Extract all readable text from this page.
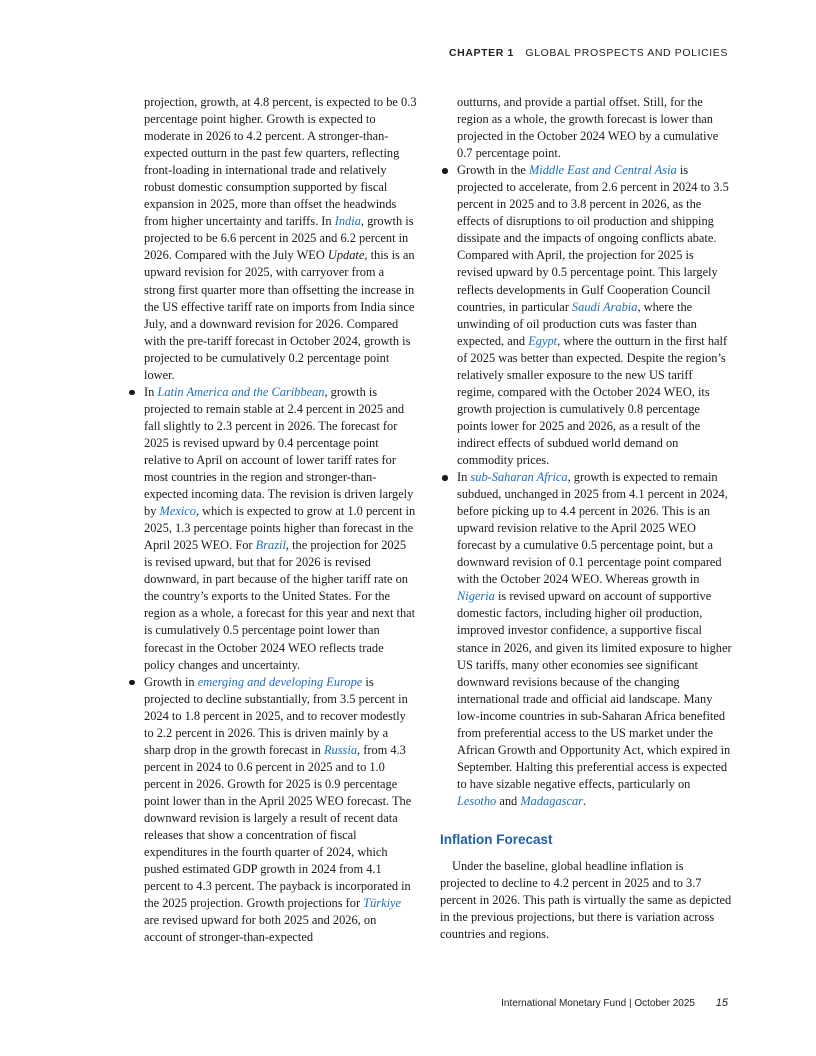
CHAPTER 1 GLOBAL PROSPECTS AND POLICIES

projection, growth, at 4.8 percent, is expected to be 0.3 percentage point higher. Growth is expected to moderate in 2026 to 4.2 percent. A stronger-than-expected outturn in the past few quarters, reflecting front-loading in international trade and relatively robust domestic consumption supported by fiscal expansion in 2025, more than offset the headwinds from higher uncertainty and tariffs. In India, growth is projected to be 6.6 percent in 2025 and 6.2 percent in 2026. Compared with the July WEO Update, this is an upward revision for 2025, with carryover from a strong first quarter more than offsetting the increase in the US effective tariff rate on imports from India since July, and a downward revision for 2026. Compared with the pre-tariff forecast in October 2024, growth is projected to be cumulatively 0.2 percentage point lower.

In Latin America and the Caribbean, growth is projected to remain stable at 2.4 percent in 2025 and fall slightly to 2.3 percent in 2026. The forecast for 2025 is revised upward by 0.4 percentage point relative to April on account of lower tariff rates for most countries in the region and stronger-than-expected incoming data. The revision is driven largely by Mexico, which is expected to grow at 1.0 percent in 2025, 1.3 percentage points higher than forecast in the April 2025 WEO. For Brazil, the projection for 2025 is revised upward, but that for 2026 is revised downward, in part because of the higher tariff rate on the country’s exports to the United States. For the region as a whole, a forecast for this year and next that is cumulatively 0.5 percentage point lower than forecast in the October 2024 WEO reflects trade policy changes and uncertainty.
Growth in emerging and developing Europe is projected to decline substantially, from 3.5 percent in 2024 to 1.8 percent in 2025, and to recover modestly to 2.2 percent in 2026. This is driven mainly by a sharp drop in the growth forecast in Russia, from 4.3 percent in 2024 to 0.6 percent in 2025 and to 1.0 percent in 2026. Growth for 2025 is 0.9 percentage point lower than in the April 2025 WEO forecast. The downward revision is largely a result of recent data releases that show a concentration of fiscal expenditures in the fourth quarter of 2024, which pushed estimated GDP growth in 2024 from 4.1 percent to 4.3 percent. The payback is incorporated in the 2025 projection. Growth projections for Türkiye are revised upward for both 2025 and 2026, on account of stronger-than-expected

outturns, and provide a partial offset. Still, for the region as a whole, the growth forecast is lower than projected in the October 2024 WEO by a cumulative 0.7 percentage point.

Growth in the Middle East and Central Asia is projected to accelerate, from 2.6 percent in 2024 to 3.5 percent in 2025 and to 3.8 percent in 2026, as the effects of disruptions to oil production and shipping dissipate and the impacts of ongoing conflicts abate. Compared with April, the projection for 2025 is revised upward by 0.5 percentage point. This largely reflects developments in Gulf Cooperation Council countries, in particular Saudi Arabia, where the unwinding of oil production cuts was faster than expected, and Egypt, where the outturn in the first half of 2025 was better than expected. Despite the region’s relatively smaller exposure to the new US tariff regime, compared with the October 2024 WEO, its growth projection is cumulatively 0.8 percentage points lower for 2025 and 2026, as a result of the indirect effects of subdued world demand on commodity prices.
In sub-Saharan Africa, growth is expected to remain subdued, unchanged in 2025 from 4.1 percent in 2024, before picking up to 4.4 percent in 2026. This is an upward revision relative to the April 2025 WEO forecast by a cumulative 0.5 percentage point, but a downward revision of 0.1 percentage point compared with the October 2024 WEO. Whereas growth in Nigeria is revised upward on account of supportive domestic factors, including higher oil production, improved investor confidence, a supportive fiscal stance in 2026, and given its limited exposure to higher US tariffs, many other economies see significant downward revisions because of the changing international trade and official aid landscape. Many low-income countries in sub-Saharan Africa benefited from preferential access to the US market under the African Growth and Opportunity Act, which expired in September. Halting this preferential access is expected to have sizable negative effects, particularly on Lesotho and Madagascar.
Inflation Forecast

Under the baseline, global headline inflation is projected to decline to 4.2 percent in 2025 and to 3.7 percent in 2026. This path is virtually the same as depicted in the previous projections, but there is variation across countries and regions.

International Monetary Fund | October 2025 15
